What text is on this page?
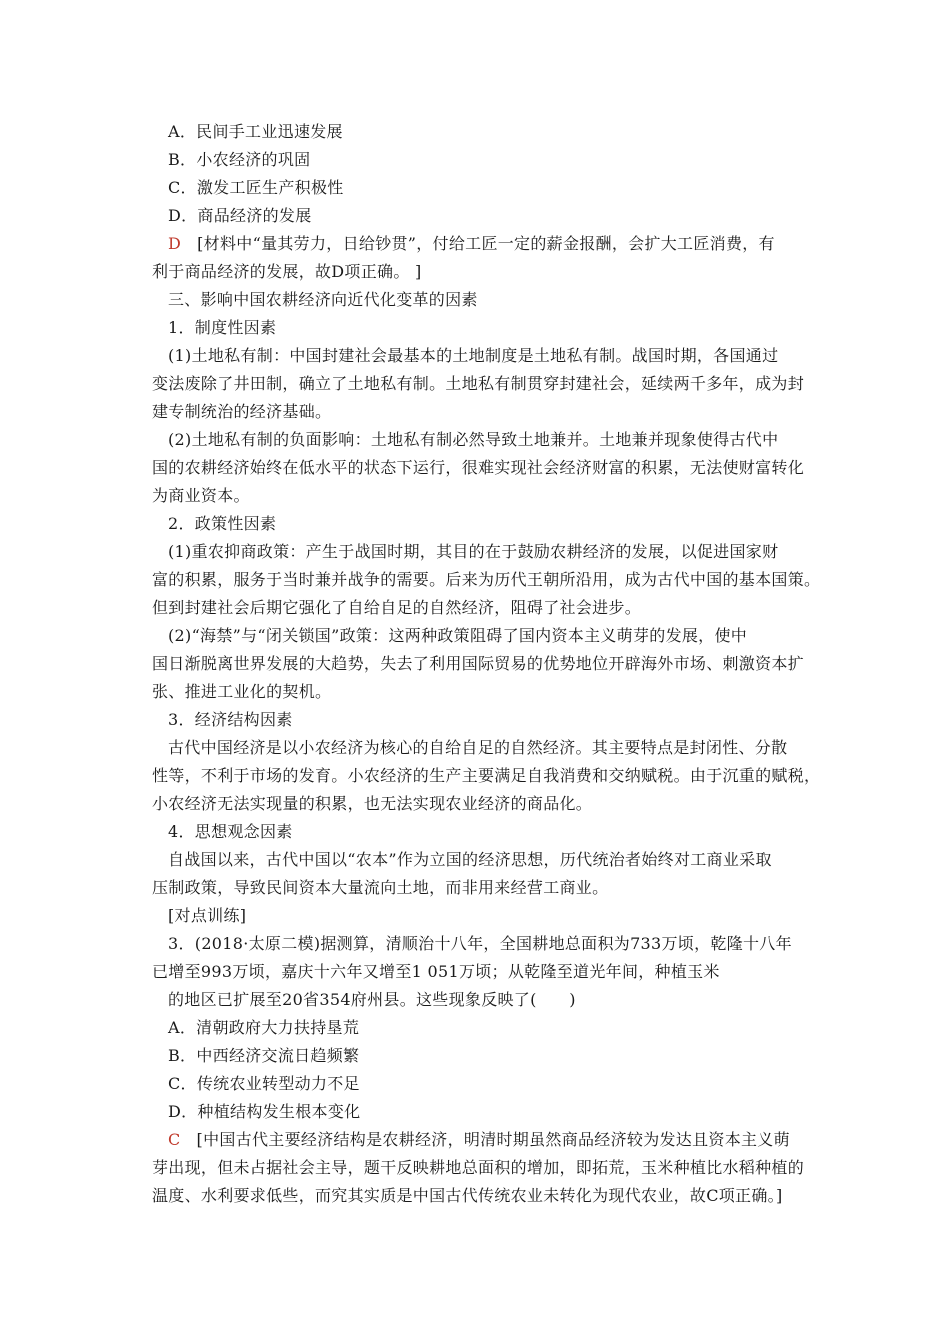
A．民间手工业迅速发展
B．小农经济的巩固
C．激发工匠生产积极性
D．商品经济的发展
D [材料中“量其劳力，日给钞贯”，付给工匠一定的薪金报酬，会扩大工匠消费，有
利于商品经济的发展，故D项正确。 ]
三、影响中国农耕经济向近代化变革的因素
1．制度性因素
(1)土地私有制：中国封建社会最基本的土地制度是土地私有制。战国时期，各国通过
变法废除了井田制，确立了土地私有制。土地私有制贯穿封建社会，延续两千多年，成为封
建专制统治的经济基础。
(2)土地私有制的负面影响：土地私有制必然导致土地兼并。土地兼并现象使得古代中
国的农耕经济始终在低水平的状态下运行，很难实现社会经济财富的积累，无法使财富转化
为商业资本。
2．政策性因素
(1)重农抑商政策：产生于战国时期，其目的在于鼓励农耕经济的发展，以促进国家财
富的积累，服务于当时兼并战争的需要。后来为历代王朝所沿用，成为古代中国的基本国策。
但到封建社会后期它强化了自给自足的自然经济，阻碍了社会进步。
(2)“海禁”与“闭关锁国”政策：这两种政策阻碍了国内资本主义萌芽的发展，使中
国日渐脱离世界发展的大趋势，失去了利用国际贸易的优势地位开辟海外市场、刺激资本扩
张、推进工业化的契机。
3．经济结构因素
古代中国经济是以小农经济为核心的自给自足的自然经济。其主要特点是封闭性、分散
性等，不利于市场的发育。小农经济的生产主要满足自我消费和交纳赋税。由于沉重的赋税，
小农经济无法实现量的积累，也无法实现农业经济的商品化。
4．思想观念因素
自战国以来，古代中国以“农本”作为立国的经济思想，历代统治者始终对工商业采取
压制政策，导致民间资本大量流向土地，而非用来经营工商业。
[对点训练]
3．(2018·太原二模)据测算，清顺治十八年，全国耕地总面积为733万顷，乾隆十八年
已增至993万顷，嘉庆十六年又增至1 051万顷；从乾隆至道光年间，种植玉米
的地区已扩展至20省354府州县。这些现象反映了(　　)
A．清朝政府大力扶持垦荒
B．中西经济交流日趋频繁
C．传统农业转型动力不足
D．种植结构发生根本变化
C [中国古代主要经济结构是农耕经济，明清时期虽然商品经济较为发达且资本主义萌
芽出现，但未占据社会主导，题干反映耕地总面积的增加，即拓荒，玉米种植比水稻种植的
温度、水利要求低些，而究其实质是中国古代传统农业未转化为现代农业，故C项正确。]
